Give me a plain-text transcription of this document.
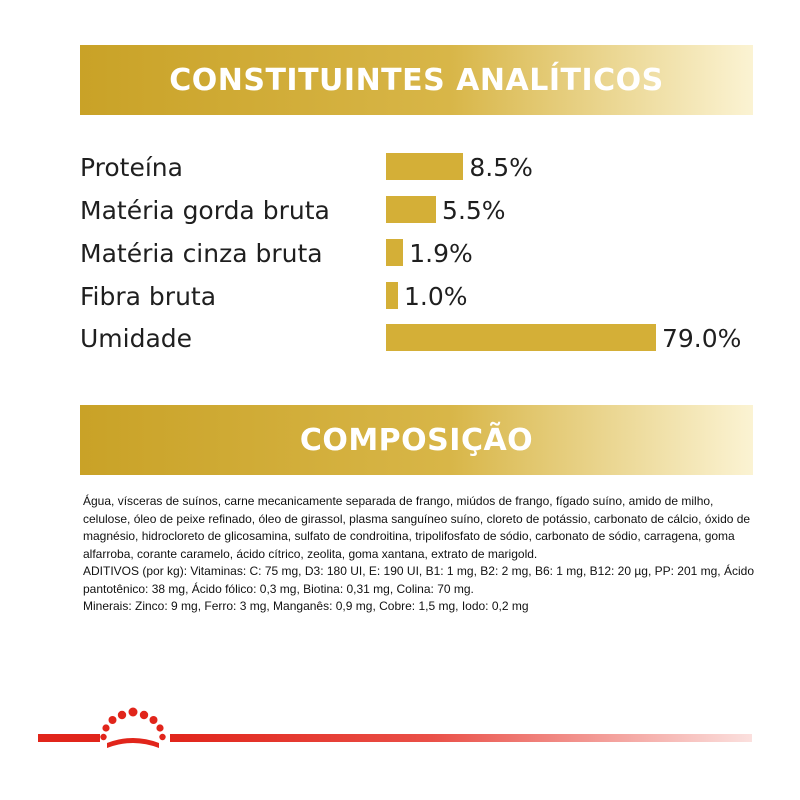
CONSTITUINTES ANALÍTICOS
Proteína	8.5%
Matéria gorda bruta	5.5%
Matéria cinza bruta	1.9%
Fibra bruta	1.0%
Umidade	79.0%
COMPOSIÇÃO

Água, vísceras de suínos, carne mecanicamente separada de frango, miúdos de frango, fígado suíno, amido de milho, celulose, óleo de peixe refinado, óleo de girassol, plasma sanguíneo suíno, cloreto de potássio, carbonato de cálcio, óxido de magnésio, hidrocloreto de glicosamina, sulfato de condroitina, tripolifosfato de sódio, carbonato de sódio, carragena, goma alfarroba, corante caramelo, ácido cítrico, zeolita, goma xantana, extrato de marigold.

ADITIVOS (por kg): Vitaminas: C: 75 mg, D3: 180 UI, E: 190 UI, B1: 1 mg, B2: 2 mg, B6: 1 mg, B12: 20 µg, PP: 201 mg, Ácido pantotênico: 38 mg, Ácido fólico: 0,3 mg, Biotina: 0,31 mg, Colina: 70 mg.

Minerais: Zinco: 9 mg, Ferro: 3 mg, Manganês: 0,9 mg, Cobre: 1,5 mg, Iodo: 0,2 mg
